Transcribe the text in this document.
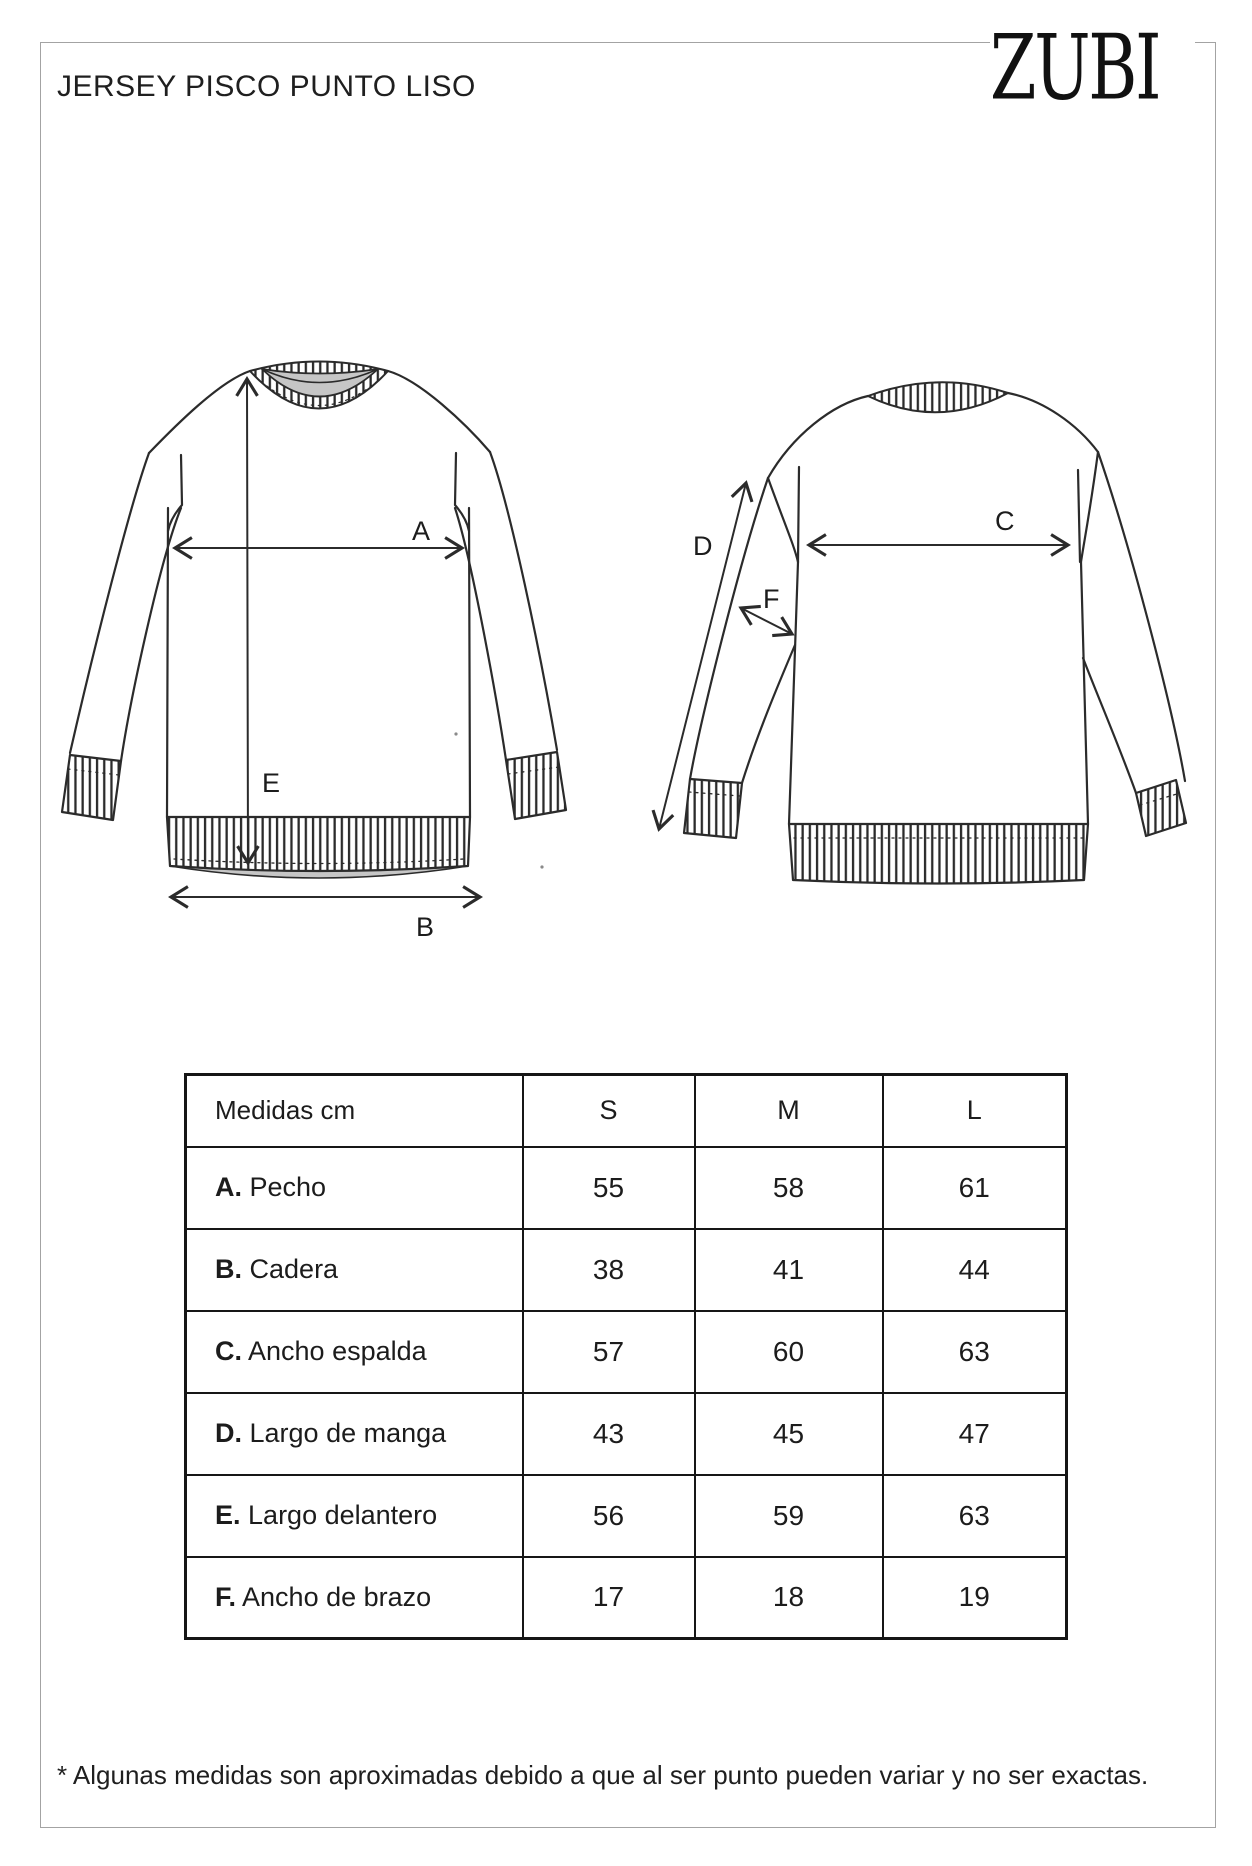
JERSEY PISCO PUNTO LISO	ZUBI
A
E
B
C
D
F
Medidas cm	S	M	L
A. Pecho	55	58	61
B. Cadera	38	41	44
C. Ancho espalda	57	60	63
D. Largo de manga	43	45	47
E. Largo delantero	56	59	63
F. Ancho de brazo	17	18	19
* Algunas medidas son aproximadas debido a que al ser punto pueden variar y no ser exactas.
